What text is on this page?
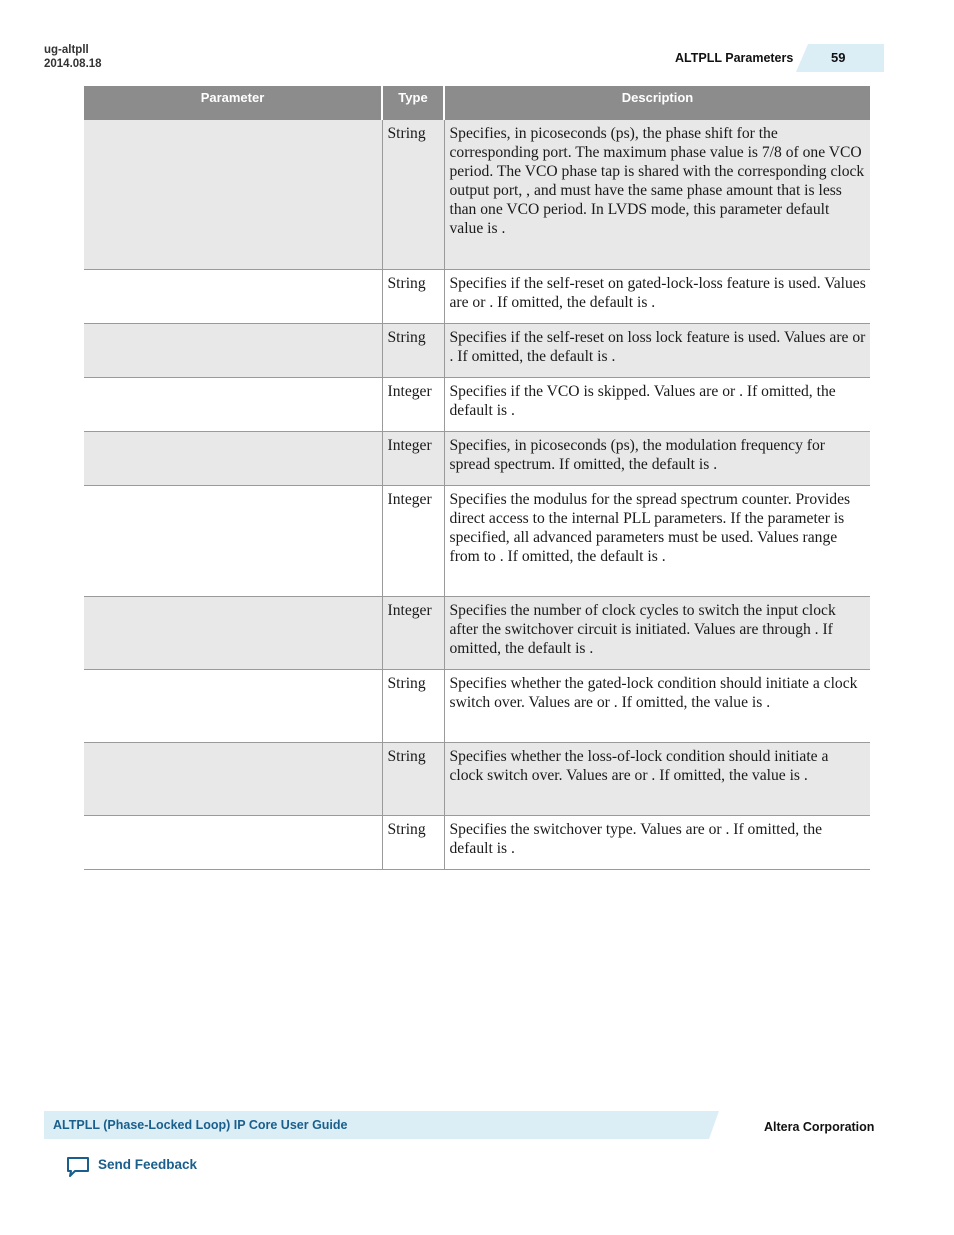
ug-altpll
2014.08.18	ALTPLL Parameters	59
Parameter	Type	Description
	String	Specifies, in picoseconds (ps), the phase shift for the corresponding port. The maximum phase value is 7/8 of one VCO period. The VCO phase tap is shared with the corresponding clock output port, , and must have the same phase amount that is less than one VCO period. In LVDS mode, this parameter default value is .
	String	Specifies if the self-reset on gated-lock-loss feature is used. Values are or . If omitted, the default is .
	String	Specifies if the self-reset on loss lock feature is used. Values are or . If omitted, the default is .
	Integer	Specifies if the VCO is skipped. Values are or . If omitted, the default is .
	Integer	Specifies, in picoseconds (ps), the modulation frequency for spread spectrum. If omitted, the default is .
	Integer	Specifies the modulus for the spread spectrum counter. Provides direct access to the internal PLL parameters. If the parameter is specified, all advanced parameters must be used. Values range from to . If omitted, the default is .
	Integer	Specifies the number of clock cycles to switch the input clock after the switchover circuit is initiated. Values are through . If omitted, the default is .
	String	Specifies whether the gated-lock condition should initiate a clock switch over. Values are or . If omitted, the value is .
	String	Specifies whether the loss-of-lock condition should initiate a clock switch over. Values are or . If omitted, the value is .
	String	Specifies the switchover type. Values are or . If omitted, the default is .
ALTPLL (Phase-Locked Loop) IP Core User Guide	Altera Corporation
Send Feedback
